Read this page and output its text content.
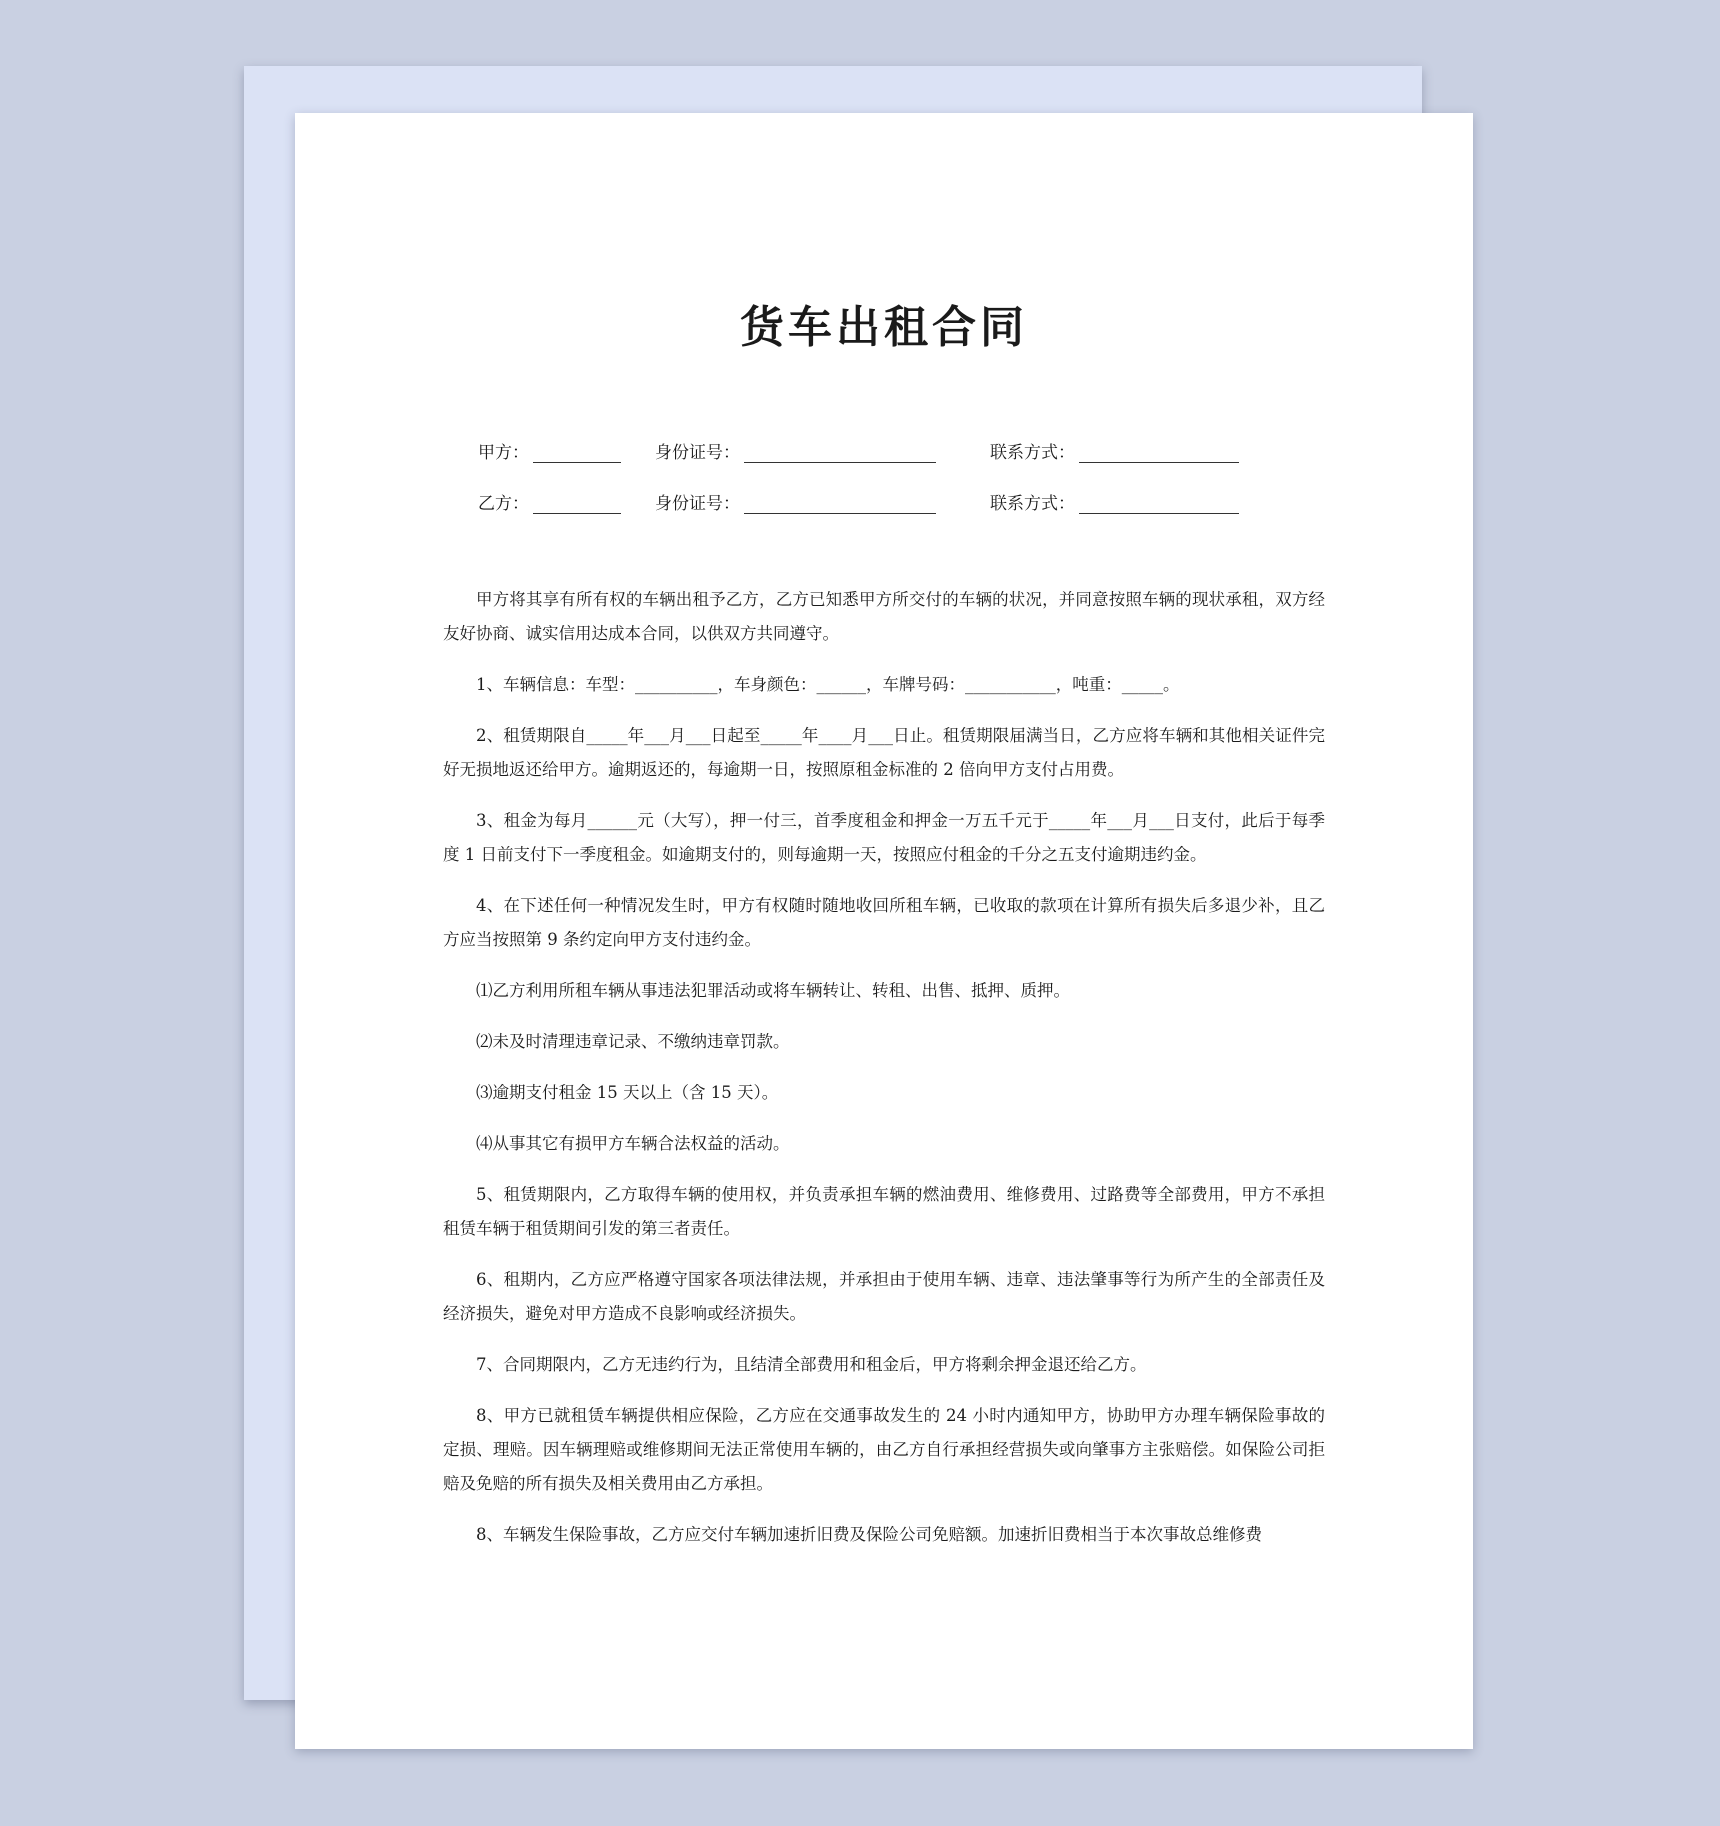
货车出租合同
甲方：	身份证号：	联系方式：
乙方：	身份证号：	联系方式：

甲方将其享有所有权的车辆出租予乙方，乙方已知悉甲方所交付的车辆的状况，并同意按照车辆的现状承租，双方经友好协商、诚实信用达成本合同，以供双方共同遵守。

1、车辆信息：车型：__________，车身颜色：______，车牌号码：___________，吨重：_____。

2、租赁期限自_____年___月___日起至_____年____月___日止。租赁期限届满当日，乙方应将车辆和其他相关证件完好无损地返还给甲方。逾期返还的，每逾期一日，按照原租金标准的 2 倍向甲方支付占用费。

3、租金为每月______元（大写），押一付三，首季度租金和押金一万五千元于_____年___月___日支付，此后于每季度 1 日前支付下一季度租金。如逾期支付的，则每逾期一天，按照应付租金的千分之五支付逾期违约金。

4、在下述任何一种情况发生时，甲方有权随时随地收回所租车辆，已收取的款项在计算所有损失后多退少补，且乙方应当按照第 9 条约定向甲方支付违约金。

⑴乙方利用所租车辆从事违法犯罪活动或将车辆转让、转租、出售、抵押、质押。

⑵未及时清理违章记录、不缴纳违章罚款。

⑶逾期支付租金 15 天以上（含 15 天）。

⑷从事其它有损甲方车辆合法权益的活动。

5、租赁期限内，乙方取得车辆的使用权，并负责承担车辆的燃油费用、维修费用、过路费等全部费用，甲方不承担租赁车辆于租赁期间引发的第三者责任。

6、租期内，乙方应严格遵守国家各项法律法规，并承担由于使用车辆、违章、违法肇事等行为所产生的全部责任及经济损失，避免对甲方造成不良影响或经济损失。

7、合同期限内，乙方无违约行为，且结清全部费用和租金后，甲方将剩余押金退还给乙方。

8、甲方已就租赁车辆提供相应保险，乙方应在交通事故发生的 24 小时内通知甲方，协助甲方办理车辆保险事故的定损、理赔。因车辆理赔或维修期间无法正常使用车辆的，由乙方自行承担经营损失或向肇事方主张赔偿。如保险公司拒赔及免赔的所有损失及相关费用由乙方承担。

8、车辆发生保险事故，乙方应交付车辆加速折旧费及保险公司免赔额。加速折旧费相当于本次事故总维修费
